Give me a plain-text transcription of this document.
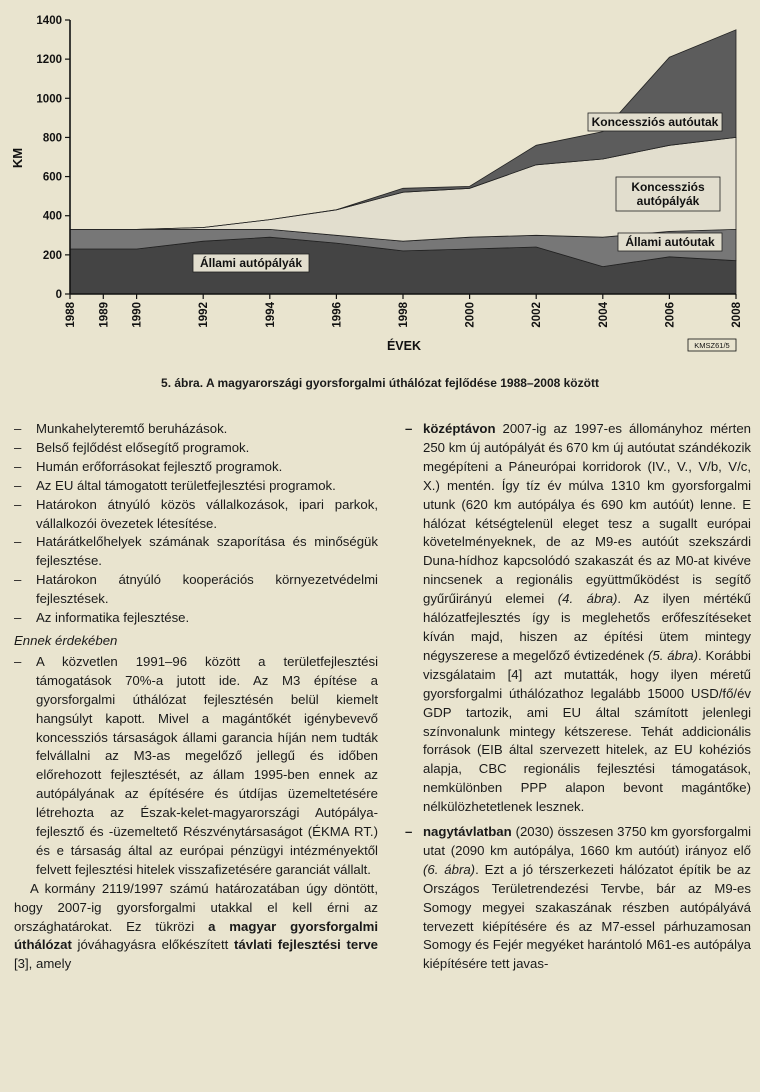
0
200
400
600
800
1000
1200
1400
1988 1989 1990	1992	1994	1996	1998	2000	2002	2004	2006	2008
KM
ÉVEK	KMSZ61/5
Állami autópályák
Állami autóutak
Koncessziós
autópályák
Koncessziós autóutak
5. ábra. A magyarországi gyorsforgalmi úthálózat fejlődése 1988–2008 között
– Munkahelyteremtő beruházások.
– Belső fejlődést elősegítő programok.
– Humán erőforrásokat fejlesztő programok.
– Az EU által támogatott területfejlesztési programok.
– Határokon átnyúló közös vállalkozások, ipari parkok, vállalkozói övezetek létesítése.
– Határátkelőhelyek számának szaporítása és minőségük fejlesztése.
– Határokon átnyúló kooperációs környezetvédelmi fejlesztések.
– Az informatika fejlesztése.
Ennek érdekében
– A közvetlen 1991–96 között a területfejlesztési támogatások 70%-a jutott ide. Az M3 építése a gyorsforgalmi úthálózat fejlesztésén belül kiemelt hangsúlyt kapott. Mivel a magántőkét igénybevevő koncessziós társaságok állami garancia híján nem tudták felvállalni az M3-as megelőző jellegű és időben előrehozott fejlesztését, az állam 1995-ben ennek az autópályának az építésére és útdíjas üzemeltetésére létrehozta az Észak-kelet-magyarországi Autópálya-fejlesztő és -üzemeltető Részvénytársaságot (ÉKMA RT.) és e társaság által az európai pénzügyi intézményektől felvett fejlesztési hitelek visszafizetésére garanciát vállalt.

A kormány 2119/1997 számú határozatában úgy döntött, hogy 2007-ig gyorsforgalmi utakkal el kell érni az országhatárokat. Ez tükrözi a magyar gyorsforgalmi úthálózat jóváhagyásra előkészített távlati fejlesztési terve [3], amely

– középtávon 2007-ig az 1997-es állományhoz mérten 250 km új autópályát és 670 km új autóutat szándékozik megépíteni a Páneurópai korridorok (IV., V., V/b, V/c, X.) mentén. Így tíz év múlva 1310 km gyorsforgalmi utunk (620 km autópálya és 690 km autóút) lenne. E hálózat kétségtelenül eleget tesz a sugallt európai követelményeknek, de az M9-es autóút szekszárdi Duna-hídhoz kapcsolódó szakaszát és az M0-at kivéve nincsenek a regionális együttműködést is segítő gyűrűirányú elemei (4. ábra). Az ilyen mértékű hálózatfejlesztés így is meglehetős erőfeszítéseket kíván majd, hiszen az építési ütem mintegy négyszerese a megelőző évtizedének (5. ábra). Korábbi vizsgálataim [4] azt mutatták, hogy ilyen méretű gyorsforgalmi úthálózathoz legalább 15000 USD/fő/év GDP tartozik, ami EU által számított jelenlegi színvonalunk mintegy kétszerese. Tehát addicionális források (EIB által szervezett hitelek, az EU kohéziós alapja, CBC regionális fejlesztési támogatások, nemkülönben PPP alapon bevont magántőke) nélkülözhetetlenek lesznek.
– nagytávlatban (2030) összesen 3750 km gyorsforgalmi utat (2090 km autópálya, 1660 km autóút) irányoz elő (6. ábra). Ezt a jó térszerkezeti hálózatot építik be az Országos Területrendezési Tervbe, bár az M9-es Somogy megyei szakaszának részben autópályává tervezett kiépítésére és az M7-essel párhuzamosan Somogy és Fejér megyéket harántoló M61-es autópálya kiépítésére tett javas-
